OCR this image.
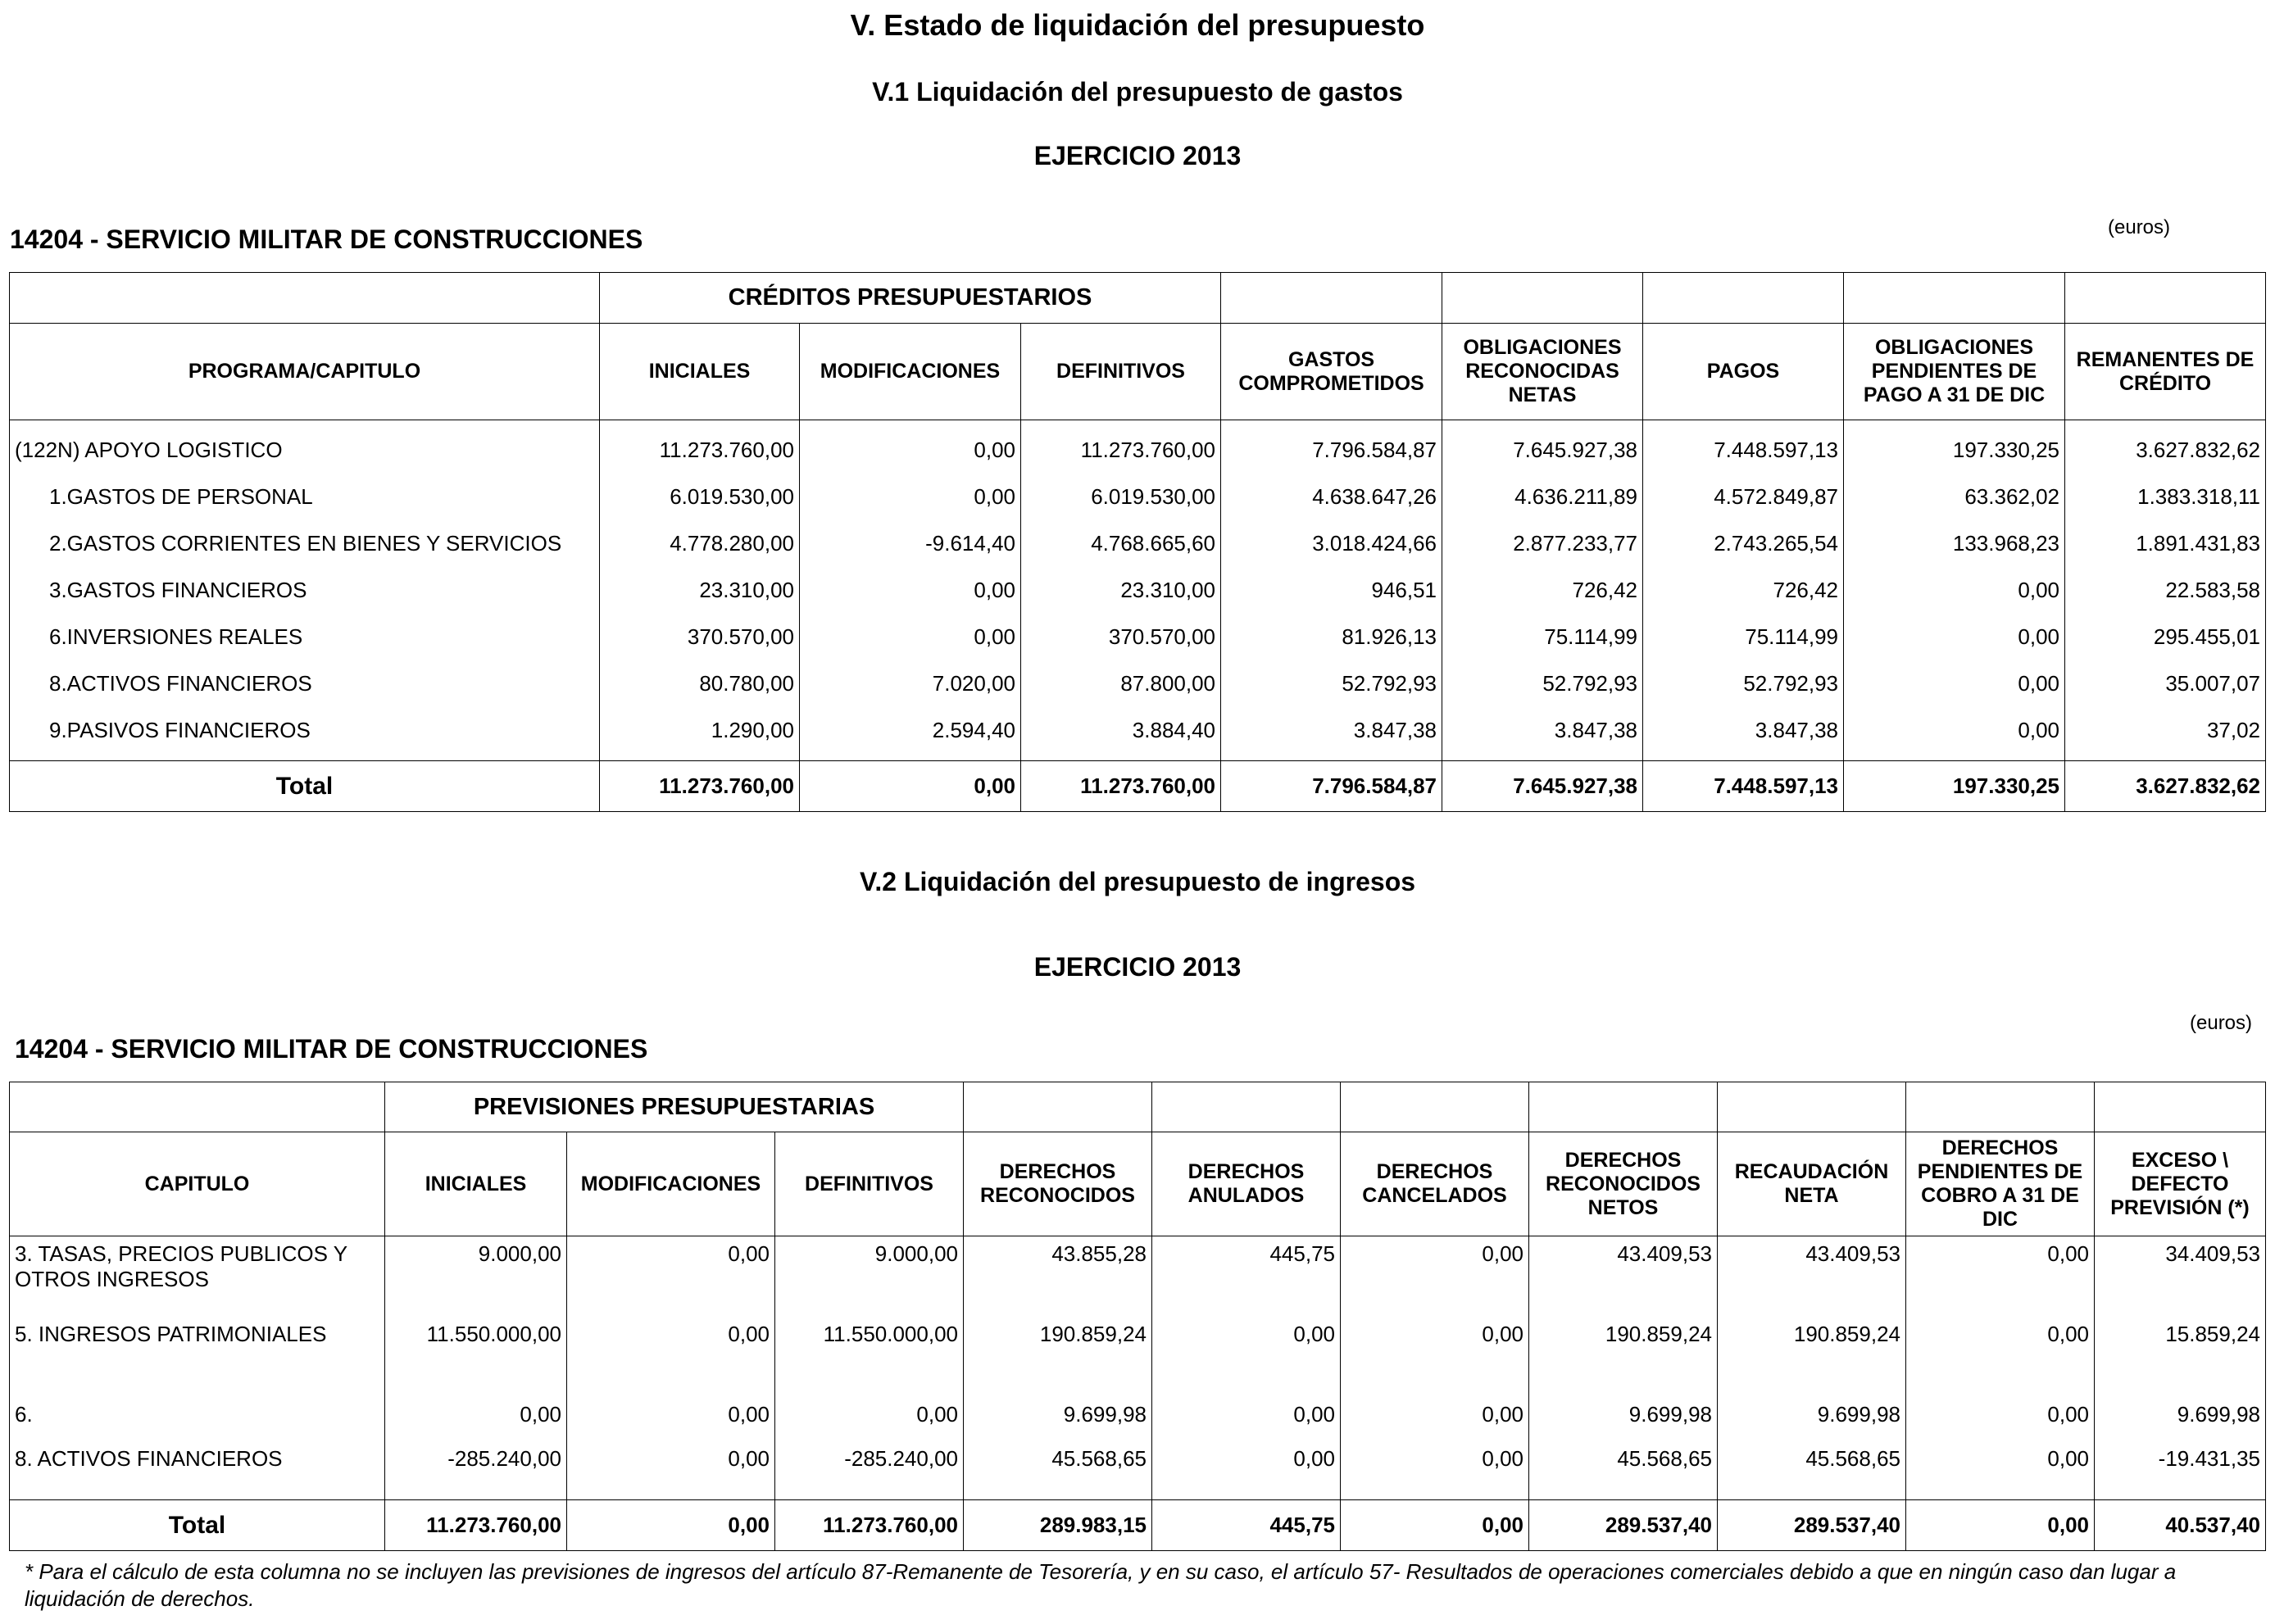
V. Estado de liquidación del presupuesto
V.1 Liquidación del presupuesto de gastos
EJERCICIO 2013
14204 - SERVICIO MILITAR DE CONSTRUCCIONES	(euros)
	CRÉDITOS PRESUPUESTARIOS							
PROGRAMA/CAPITULO	INICIALES	MODIFICACIONES	DEFINITIVOS	GASTOS COMPROMETIDOS	OBLIGACIONES RECONOCIDAS NETAS	PAGOS	OBLIGACIONES PENDIENTES DE PAGO A 31 DE DIC	REMANENTES DE CRÉDITO
(122N) APOYO LOGISTICO	11.273.760,00	0,00	11.273.760,00	7.796.584,87	7.645.927,38	7.448.597,13	197.330,25	3.627.832,62
1.GASTOS DE PERSONAL	6.019.530,00	0,00	6.019.530,00	4.638.647,26	4.636.211,89	4.572.849,87	63.362,02	1.383.318,11
2.GASTOS CORRIENTES EN BIENES Y SERVICIOS	4.778.280,00	-9.614,40	4.768.665,60	3.018.424,66	2.877.233,77	2.743.265,54	133.968,23	1.891.431,83
3.GASTOS FINANCIEROS	23.310,00	0,00	23.310,00	946,51	726,42	726,42	0,00	22.583,58
6.INVERSIONES REALES	370.570,00	0,00	370.570,00	81.926,13	75.114,99	75.114,99	0,00	295.455,01
8.ACTIVOS FINANCIEROS	80.780,00	7.020,00	87.800,00	52.792,93	52.792,93	52.792,93	0,00	35.007,07
9.PASIVOS FINANCIEROS	1.290,00	2.594,40	3.884,40	3.847,38	3.847,38	3.847,38	0,00	37,02
Total	11.273.760,00	0,00	11.273.760,00	7.796.584,87	7.645.927,38	7.448.597,13	197.330,25	3.627.832,62
V.2 Liquidación del presupuesto de ingresos
EJERCICIO 2013
(euros)
14204 - SERVICIO MILITAR DE CONSTRUCCIONES
	PREVISIONES PRESUPUESTARIAS									
CAPITULO	INICIALES	MODIFICACIONES	DEFINITIVOS	DERECHOS RECONOCIDOS	DERECHOS ANULADOS	DERECHOS CANCELADOS	DERECHOS RECONOCIDOS NETOS	RECAUDACIÓN NETA	DERECHOS PENDIENTES DE COBRO A 31 DE DIC	EXCESO \ DEFECTO PREVISIÓN (*)
3. TASAS, PRECIOS PUBLICOS Y OTROS INGRESOS	9.000,00	0,00	9.000,00	43.855,28	445,75	0,00	43.409,53	43.409,53	0,00	34.409,53
5. INGRESOS PATRIMONIALES	11.550.000,00	0,00	11.550.000,00	190.859,24	0,00	0,00	190.859,24	190.859,24	0,00	15.859,24
6.	0,00	0,00	0,00	9.699,98	0,00	0,00	9.699,98	9.699,98	0,00	9.699,98
8. ACTIVOS FINANCIEROS	-285.240,00	0,00	-285.240,00	45.568,65	0,00	0,00	45.568,65	45.568,65	0,00	-19.431,35
Total	11.273.760,00	0,00	11.273.760,00	289.983,15	445,75	0,00	289.537,40	289.537,40	0,00	40.537,40
* Para el cálculo de esta columna no se incluyen las previsiones de ingresos del artículo 87-Remanente de Tesorería, y en su caso, el artículo 57- Resultados de operaciones comerciales debido a que en ningún caso dan lugar a liquidación de derechos.
